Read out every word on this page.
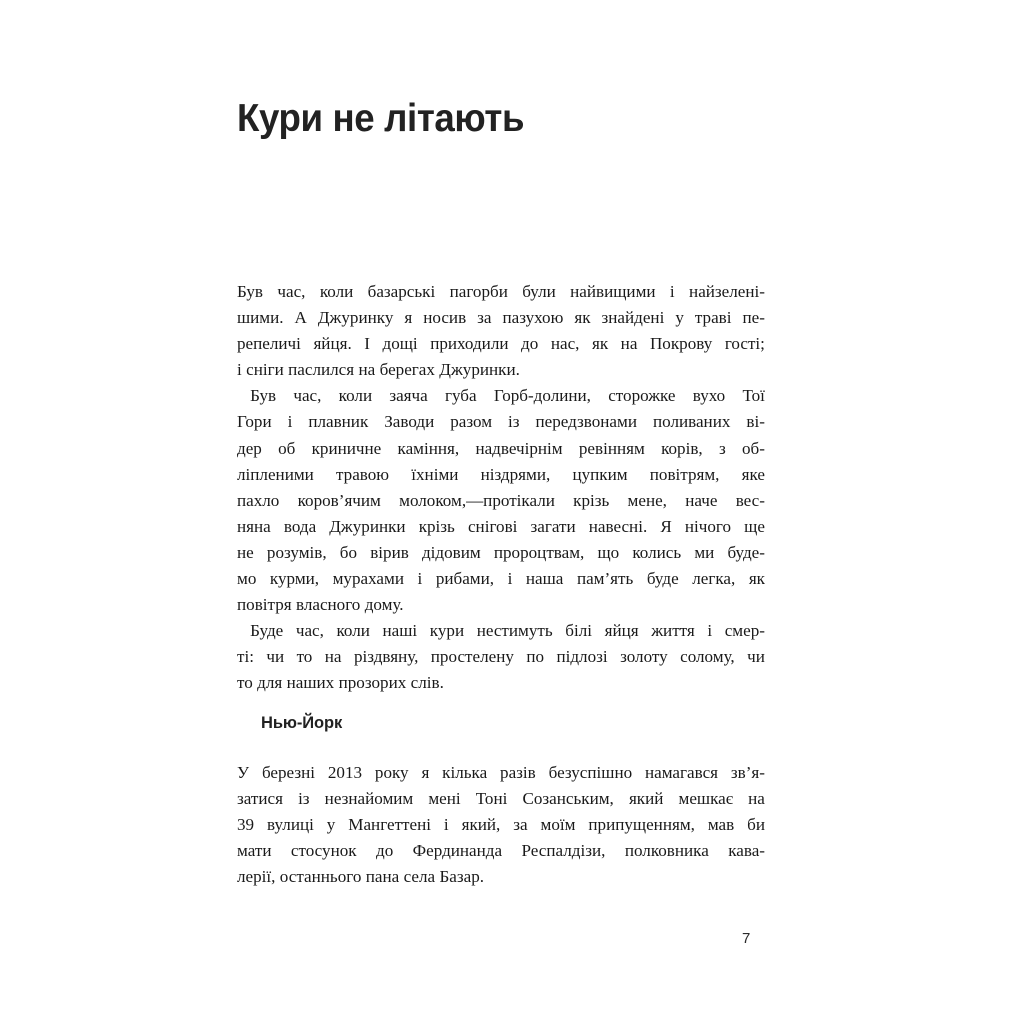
Кури не літають

Був час, коли базарські пагорби були найвищими і найзелені-
шими. А Джуринку я носив за пазухою як знайдені у траві пе-
репеличі яйця. І дощі приходили до нас, як на Покрову гості;
і сніги паслился на берегах Джуринки.

Був час, коли заяча губа Горб-долини, сторожке вухо Тої
Гори і плавник Заводи разом із передзвонами поливаних ві-
дер об криничне каміння, надвечірнім ревінням корів, з об-
ліпленими травою їхніми ніздрями, цупким повітрям, яке
пахло коров’ячим молоком,—протікали крізь мене, наче вес-
няна вода Джуринки крізь снігові загати навесні. Я нічого ще
не розумів, бо вірив дідовим пророцтвам, що колись ми буде-
мо курми, мурахами і рибами, і наша пам’ять буде легка, як
повітря власного дому.

Буде час, коли наші кури нестимуть білі яйця життя і смер-
ті: чи то на різдвяну, простелену по підлозі золоту солому, чи
то для наших прозорих слів.

Нью-Йорк

У березні 2013 року я кілька разів безуспішно намагався зв’я-
затися із незнайомим мені Тоні Созанським, який мешкає на
39 вулиці у Мангеттені і який, за моїм припущенням, мав би
мати стосунок до Фердинанда Респалдізи, полковника кава-
лерії, останнього пана села Базар.

7
